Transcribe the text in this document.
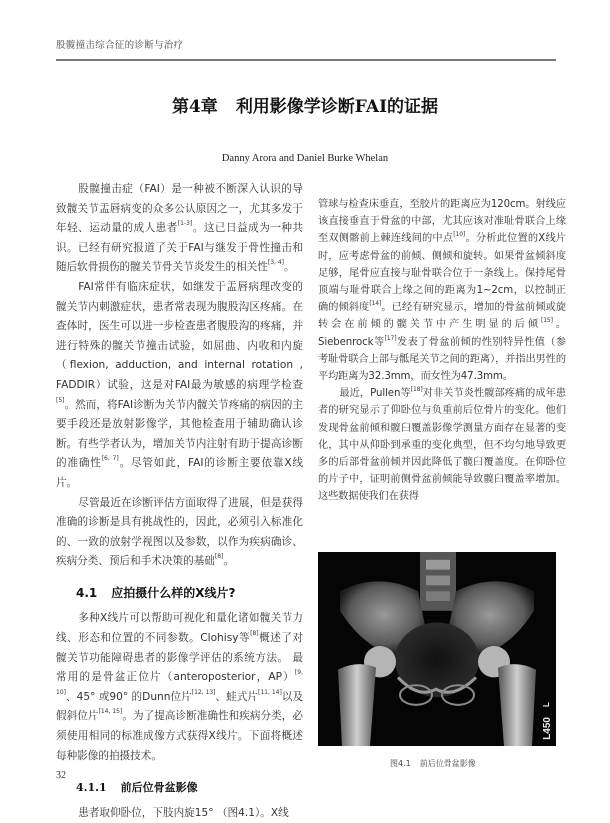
股髋撞击综合征的诊断与治疗
第4章 利用影像学诊断FAI的证据
Danny Arora and Daniel Burke Whelan

股髋撞击症（FAI）是一种被不断深入认识的导致髋关节盂唇病变的众多公认原因之一，尤其多发于年轻、运动量的成人患者[1-3]。这已日益成为一种共识。已经有研究报道了关于FAI与继发于骨性撞击和随后软骨损伤的髋关节骨关节炎发生的相关性[3, 4]。

FAI常伴有临床症状，如继发于盂唇病理改变的髋关节内刺激症状，患者常表现为腹股沟区疼痛。在查体时，医生可以进一步检查患者腹股沟的疼痛，并进行特殊的髋关节撞击试验，如屈曲、内收和内旋（flexion, adduction, and internal rotation , FADDIR）试验，这是对FAI最为敏感的病理学检查[5]。然而，将FAI诊断为关节内髋关节疼痛的病因的主要手段还是放射影像学，其他检查用于辅助确认诊断。有些学者认为，增加关节内注射有助于提高诊断的准确性[6, 7]。尽管如此，FAI的诊断主要依靠X线片。

尽管最近在诊断评估方面取得了进展，但是获得准确的诊断是具有挑战性的，因此，必须引入标准化的、一致的放射学视图以及参数，以作为疾病确诊、疾病分类、预后和手术决策的基础[8]。

4.1 应拍摄什么样的X线片?

多种X线片可以帮助可视化和量化诸如髋关节力线、形态和位置的不同参数。Clohisy等[8]概述了对髋关节功能障碍患者的影像学评估的系统方法。 最常用的是骨盆正位片（anteroposterior，AP）[9, 10]、45° 或90° 的Dunn位片[12, 13]、蛙式片[11, 14]以及假斜位片[14, 15]。为了提高诊断准确性和疾病分类，必须使用相同的标准成像方式获得X线片。下面将概述每种影像的拍摄技术。

4.1.1 前后位骨盆影像

患者取仰卧位，下肢内旋15° （图4.1）。X线

管球与检查床垂直，至胶片的距离应为120cm。射线应该直接垂直于骨盆的中部，尤其应该对准耻骨联合上缘至双侧髂前上棘连线间的中点[10]。分析此位置的X线片时，应考虑骨盆的前倾、侧倾和旋转。如果骨盆倾斜度足够，尾骨应直接与耻骨联合位于一条线上。保持尾骨顶端与耻骨联合上缘之间的距离为1~2cm，以控制正确的倾斜度[14]。已经有研究显示，增加的骨盆前倾或旋转会在前倾的髋关节中产生明显的后倾[15]。Siebenrock等[17]发表了骨盆前倾的性别特异性值（参考耻骨联合上部与骶尾关节之间的距离），并指出男性的平均距离为32.3mm，而女性为47.3mm。

最近，Pullen等[18]对非关节炎性髋部疼痛的成年患者的研究显示了仰卧位与负重前后位骨片的变化。他们发现骨盆前倾和髋臼覆盖影像学测量方面存在显著的变化，其中从仰卧到承重的变化典型，但不均匀地导致更多的后部骨盆前倾并因此降低了髋臼覆盖度。在仰卧位的片子中，证明前侧骨盆前倾能导致髋臼覆盖率增加。这些数据使我们在获得

L
L450
图4.1 前后位骨盆影像
32
